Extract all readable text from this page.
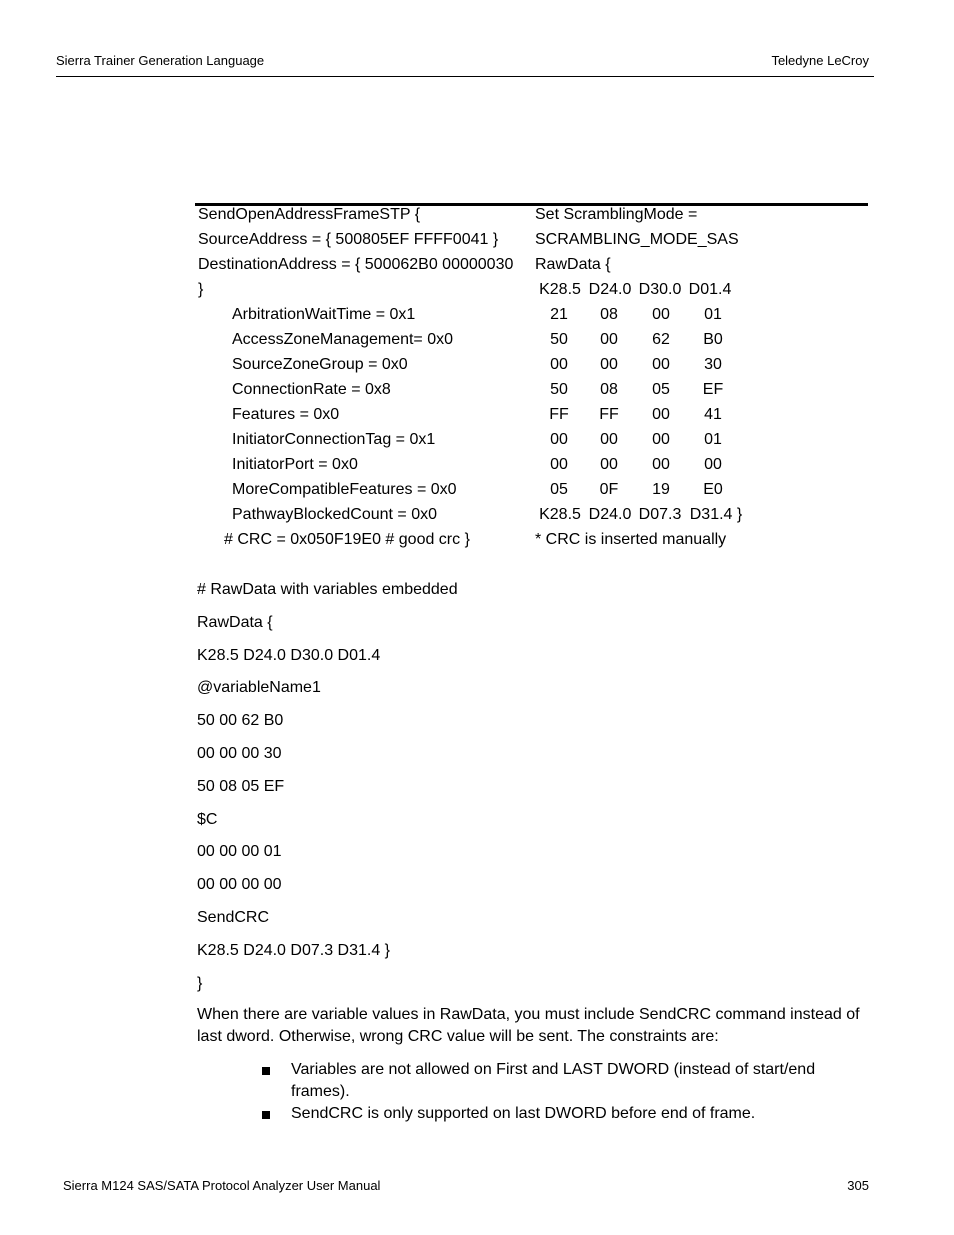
Sierra Trainer Generation Language	Teledyne LeCroy
SendOpenAddressFrameSTP {
SourceAddress = { 500805EF FFFF0041 }
DestinationAddress = { 500062B0 00000030
}
ArbitrationWaitTime = 0x1
AccessZoneManagement= 0x0
SourceZoneGroup = 0x0
ConnectionRate = 0x8
Features = 0x0
InitiatorConnectionTag = 0x1
InitiatorPort = 0x0
MoreCompatibleFeatures = 0x0
PathwayBlockedCount = 0x0
# CRC = 0x050F19E0 # good crc }
Set ScramblingMode =
SCRAMBLING_MODE_SAS
RawData {
K28.5 D24.0 D30.0 D01.4
21	08	00	01
50	00	62	B0
00	00	00	30
50	08	05	EF
FF	FF	00	41
00	00	00	01
00	00	00	00
05	0F	19	E0
K28.5 D24.0 D07.3 D31.4 }
* CRC is inserted manually
# RawData with variables embedded
RawData {
K28.5 D24.0 D30.0 D01.4
@variableName1
50 00 62 B0
00 00 00 30
50 08 05 EF
$C
00 00 00 01
00 00 00 00
SendCRC
K28.5 D24.0 D07.3 D31.4 }
}
When there are variable values in RawData, you must include SendCRC command instead of last dword. Otherwise, wrong CRC value will be sent. The constraints are:
Variables are not allowed on First and LAST DWORD (instead of start/end frames).
SendCRC is only supported on last DWORD before end of frame.
Sierra M124 SAS/SATA Protocol Analyzer User Manual	305
